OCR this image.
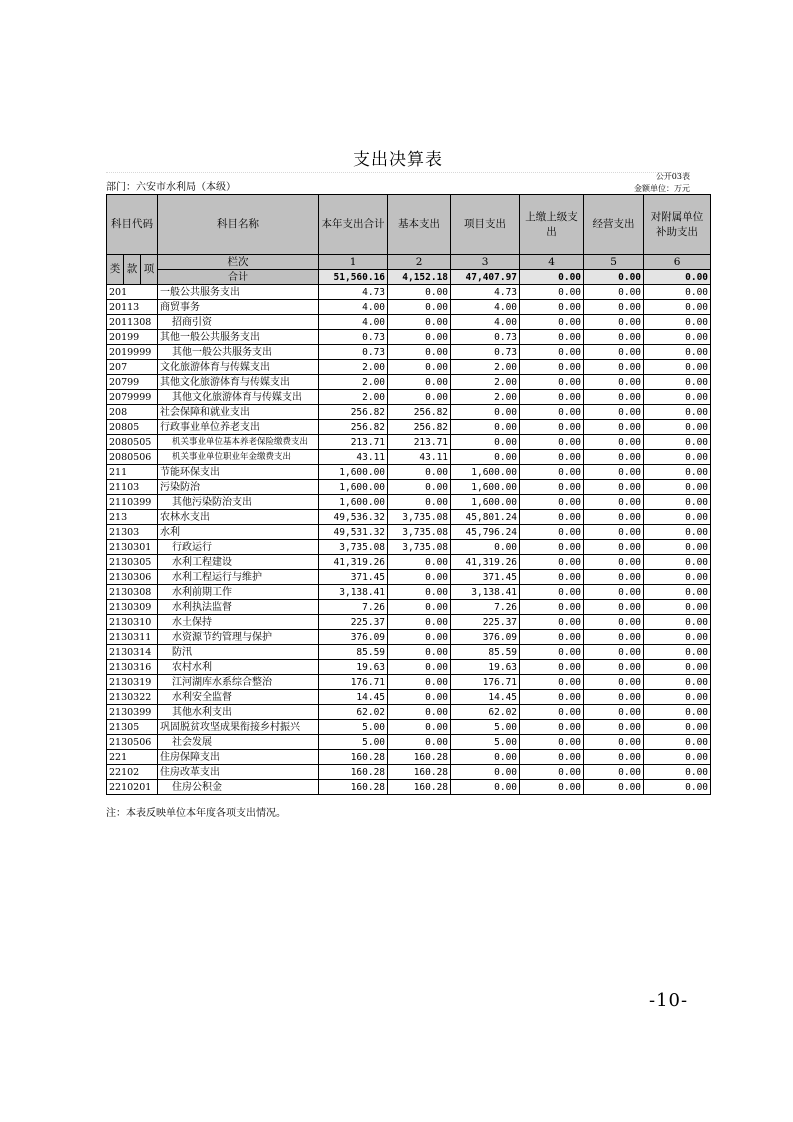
支出决算表
公开03表
部门：六安市水利局（本级）	金额单位：万元
科目代码			科目名称	本年支出合计	基本支出	项目支出	上缴上级支出	经营支出	对附属单位补助支出
类	款	项	栏次	1	2	3	4	5	6
			合计	51,560.16	4,152.18	47,407.97	0.00	0.00	0.00
201			一般公共服务支出	4.73	0.00	4.73	0.00	0.00	0.00
20113			商贸事务	4.00	0.00	4.00	0.00	0.00	0.00
2011308			招商引资	4.00	0.00	4.00	0.00	0.00	0.00
20199			其他一般公共服务支出	0.73	0.00	0.73	0.00	0.00	0.00
2019999			其他一般公共服务支出	0.73	0.00	0.73	0.00	0.00	0.00
207			文化旅游体育与传媒支出	2.00	0.00	2.00	0.00	0.00	0.00
20799			其他文化旅游体育与传媒支出	2.00	0.00	2.00	0.00	0.00	0.00
2079999			其他文化旅游体育与传媒支出	2.00	0.00	2.00	0.00	0.00	0.00
208			社会保障和就业支出	256.82	256.82	0.00	0.00	0.00	0.00
20805			行政事业单位养老支出	256.82	256.82	0.00	0.00	0.00	0.00
2080505			机关事业单位基本养老保险缴费支出	213.71	213.71	0.00	0.00	0.00	0.00
2080506			机关事业单位职业年金缴费支出	43.11	43.11	0.00	0.00	0.00	0.00
211			节能环保支出	1,600.00	0.00	1,600.00	0.00	0.00	0.00
21103			污染防治	1,600.00	0.00	1,600.00	0.00	0.00	0.00
2110399			其他污染防治支出	1,600.00	0.00	1,600.00	0.00	0.00	0.00
213			农林水支出	49,536.32	3,735.08	45,801.24	0.00	0.00	0.00
21303			水利	49,531.32	3,735.08	45,796.24	0.00	0.00	0.00
2130301			行政运行	3,735.08	3,735.08	0.00	0.00	0.00	0.00
2130305			水利工程建设	41,319.26	0.00	41,319.26	0.00	0.00	0.00
2130306			水利工程运行与维护	371.45	0.00	371.45	0.00	0.00	0.00
2130308			水利前期工作	3,138.41	0.00	3,138.41	0.00	0.00	0.00
2130309			水利执法监督	7.26	0.00	7.26	0.00	0.00	0.00
2130310			水土保持	225.37	0.00	225.37	0.00	0.00	0.00
2130311			水资源节约管理与保护	376.09	0.00	376.09	0.00	0.00	0.00
2130314			防汛	85.59	0.00	85.59	0.00	0.00	0.00
2130316			农村水利	19.63	0.00	19.63	0.00	0.00	0.00
2130319			江河湖库水系综合整治	176.71	0.00	176.71	0.00	0.00	0.00
2130322			水利安全监督	14.45	0.00	14.45	0.00	0.00	0.00
2130399			其他水利支出	62.02	0.00	62.02	0.00	0.00	0.00
21305			巩固脱贫攻坚成果衔接乡村振兴	5.00	0.00	5.00	0.00	0.00	0.00
2130506			社会发展	5.00	0.00	5.00	0.00	0.00	0.00
221			住房保障支出	160.28	160.28	0.00	0.00	0.00	0.00
22102			住房改革支出	160.28	160.28	0.00	0.00	0.00	0.00
2210201			住房公积金	160.28	160.28	0.00	0.00	0.00	0.00
注：本表反映单位本年度各项支出情况。
-10-
